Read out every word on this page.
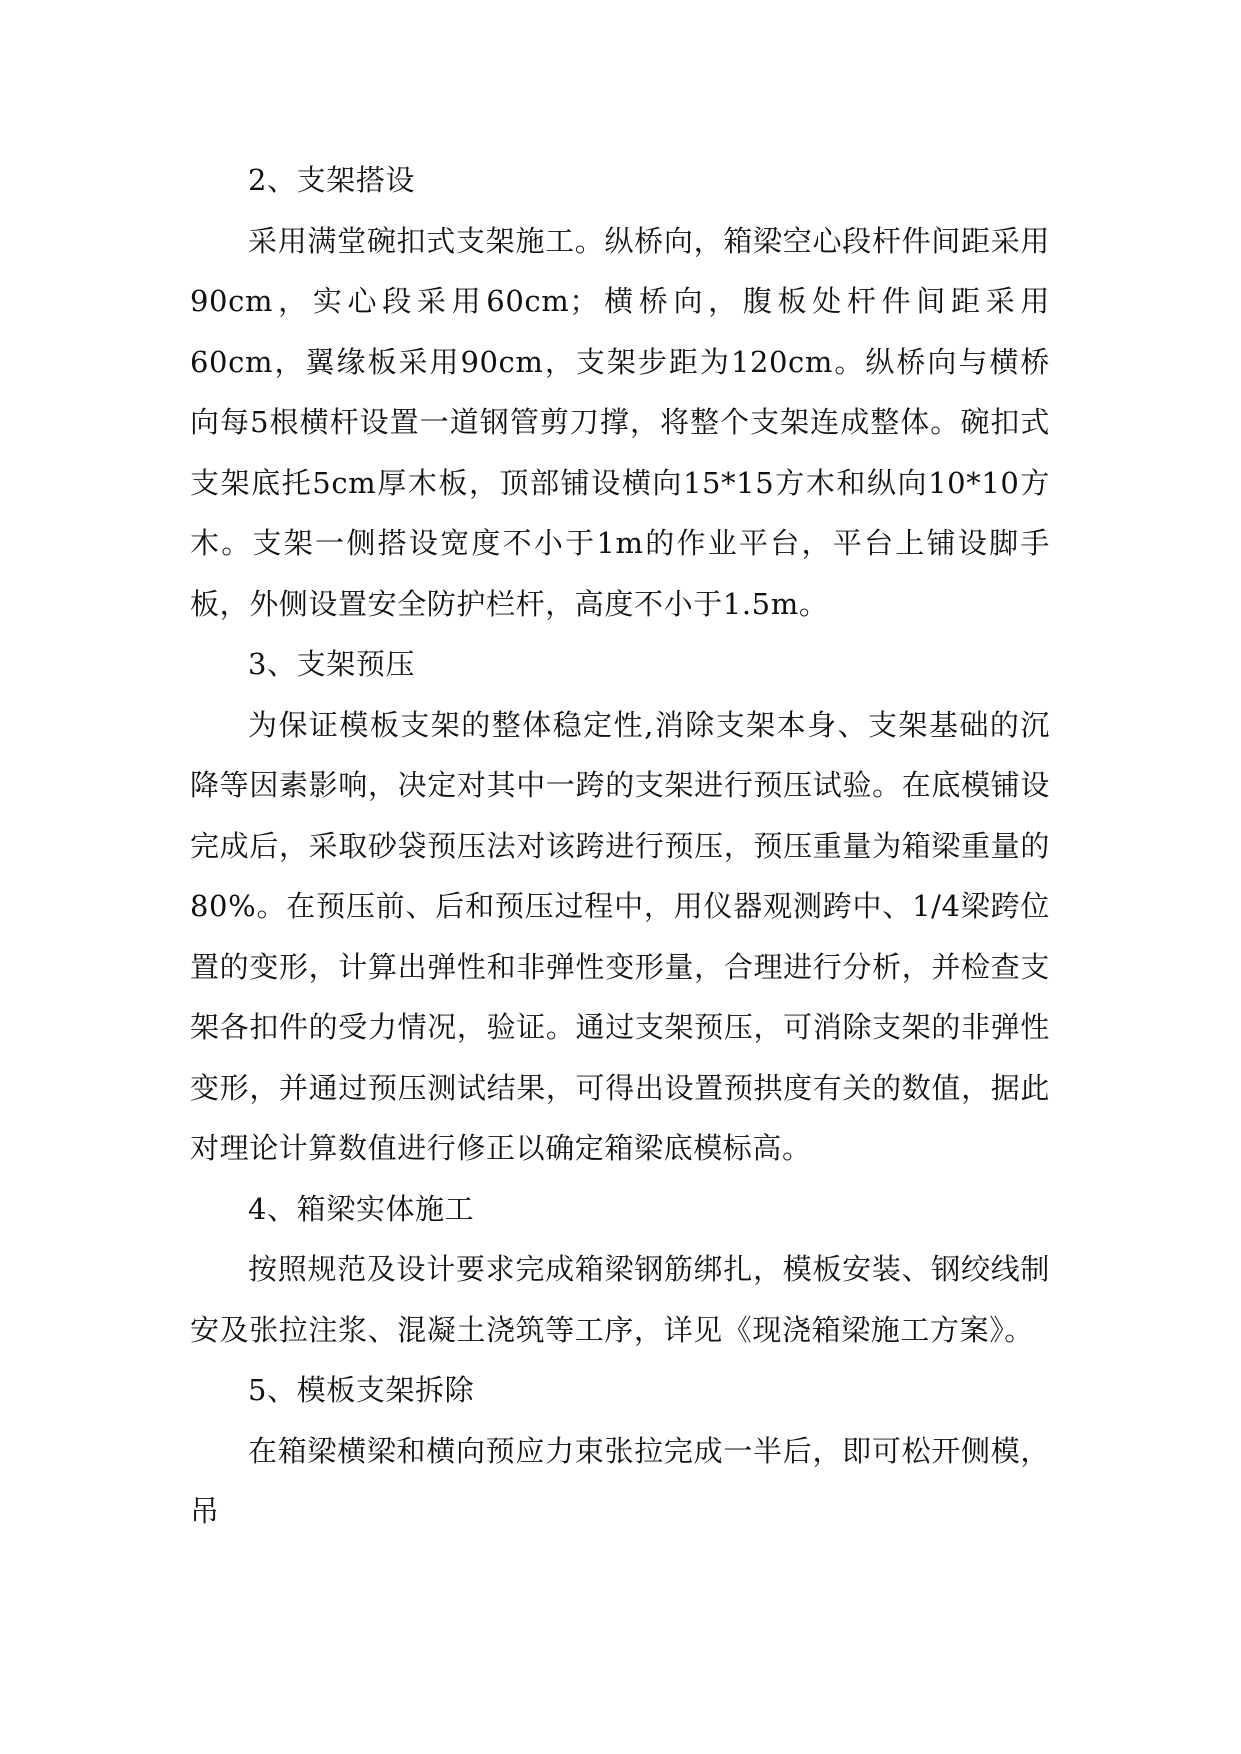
2、支架搭设

采用满堂碗扣式支架施工。纵桥向，箱梁空心段杆件间距采用90cm，实心段采用60cm；横桥向，腹板处杆件间距采用60cm，翼缘板采用90cm，支架步距为120cm。纵桥向与横桥向每5根横杆设置一道钢管剪刀撑，将整个支架连成整体。碗扣式支架底托5cm厚木板，顶部铺设横向15*15方木和纵向10*10方木。支架一侧搭设宽度不小于1m的作业平台，平台上铺设脚手板，外侧设置安全防护栏杆，高度不小于1.5m。

3、支架预压

为保证模板支架的整体稳定性,消除支架本身、支架基础的沉降等因素影响，决定对其中一跨的支架进行预压试验。在底模铺设完成后，采取砂袋预压法对该跨进行预压，预压重量为箱梁重量的80%。在预压前、后和预压过程中，用仪器观测跨中、1/4梁跨位置的变形，计算出弹性和非弹性变形量，合理进行分析，并检查支架各扣件的受力情况，验证。通过支架预压，可消除支架的非弹性变形，并通过预压测试结果，可得出设置预拱度有关的数值，据此对理论计算数值进行修正以确定箱梁底模标高。

4、箱梁实体施工

按照规范及设计要求完成箱梁钢筋绑扎，模板安装、钢绞线制安及张拉注浆、混凝土浇筑等工序，详见《现浇箱梁施工方案》。

5、模板支架拆除

在箱梁横梁和横向预应力束张拉完成一半后，即可松开侧模，吊
